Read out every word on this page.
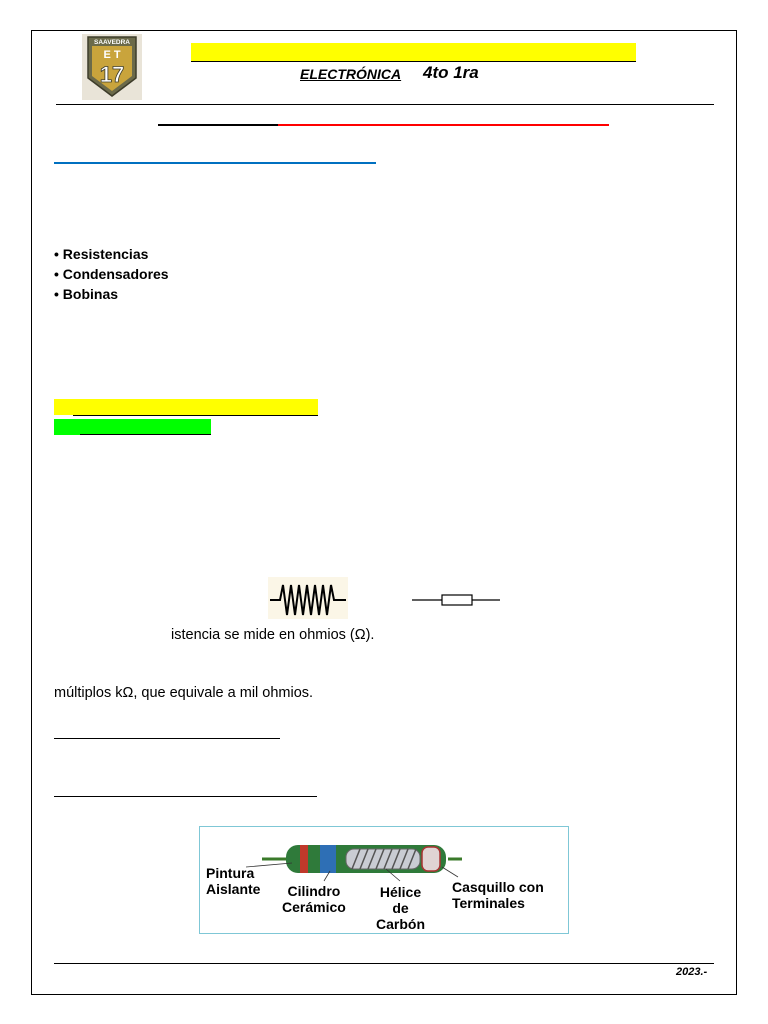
SAAVEDRA
E T
17	ELECTRÓNICA 4to 1ra
• Resistencias
• Condensadores
• Bobinas
istencia se mide en ohmios (Ω).
múltiplos kΩ, que equivale a mil ohmios.
Pintura
Aislante	Cilindro
Cerámico
Hélice
de
Carbón
Casquillo con
Terminales
2023.-
